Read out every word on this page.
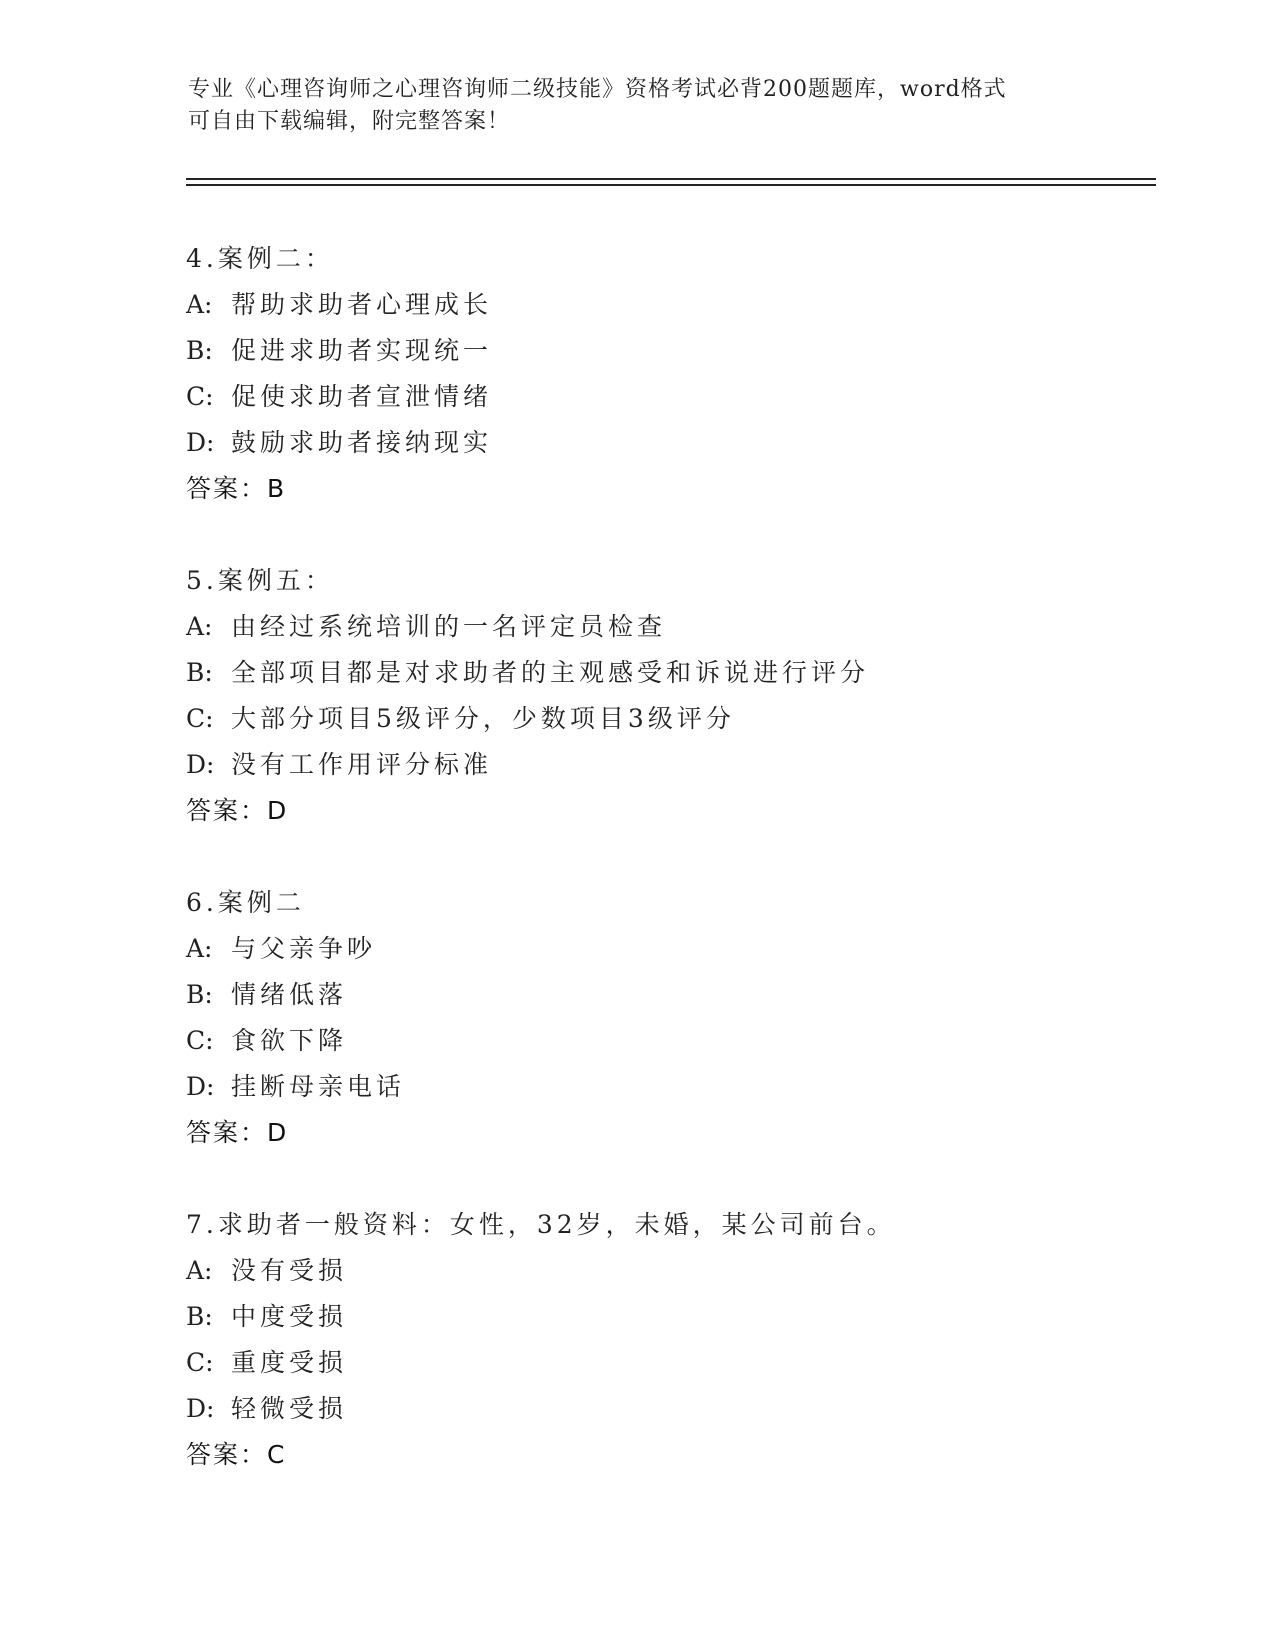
专业《心理咨询师之心理咨询师二级技能》资格考试必背200题题库，word格式
可自由下载编辑，附完整答案！
4.案例二：
A: 帮助求助者心理成长
B: 促进求助者实现统一
C: 促使求助者宣泄情绪
D: 鼓励求助者接纳现实
答案：B
5.案例五：
A: 由经过系统培训的一名评定员检查
B: 全部项目都是对求助者的主观感受和诉说进行评分
C: 大部分项目5级评分，少数项目3级评分
D: 没有工作用评分标准
答案：D
6.案例二
A: 与父亲争吵
B: 情绪低落
C: 食欲下降
D: 挂断母亲电话
答案：D
7.求助者一般资料：女性，32岁，未婚，某公司前台。
A: 没有受损
B: 中度受损
C: 重度受损
D: 轻微受损
答案：C
